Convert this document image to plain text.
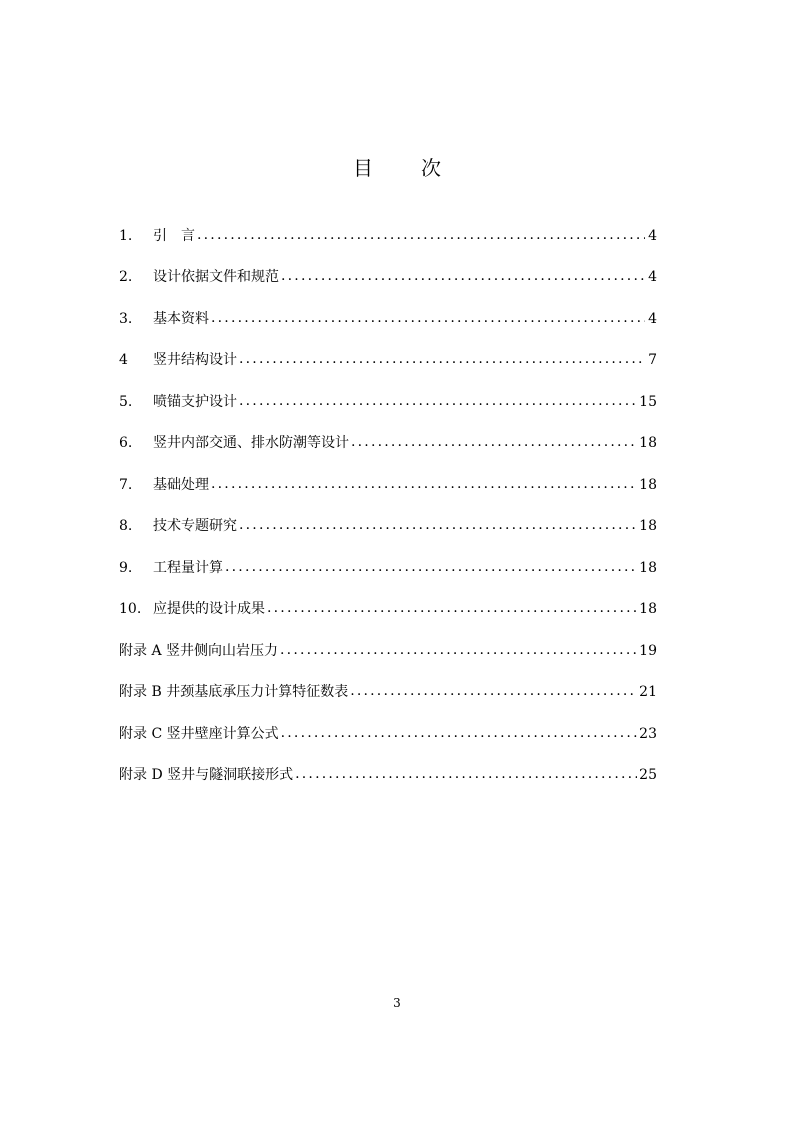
目 次
1.	引　言 .....	4
2.	设计依据文件和规范 .....	4
3.	基本资料 .....	4
4	竖井结构设计 .....	7
5.	喷锚支护设计 .....	15
6.	竖井内部交通、排水防潮等设计 .....	18
7.	基础处理 .....	18
8.	技术专题研究 .....	18
9.	工程量计算 .....	18
10. 应提供的设计成果 .....	18
附录 A 竖井侧向山岩压力 .....	19
附录 B 井颈基底承压力计算特征数表 .....	21
附录 C 竖井壁座计算公式 .....	23
附录 D 竖井与隧洞联接形式 .....	25
3
